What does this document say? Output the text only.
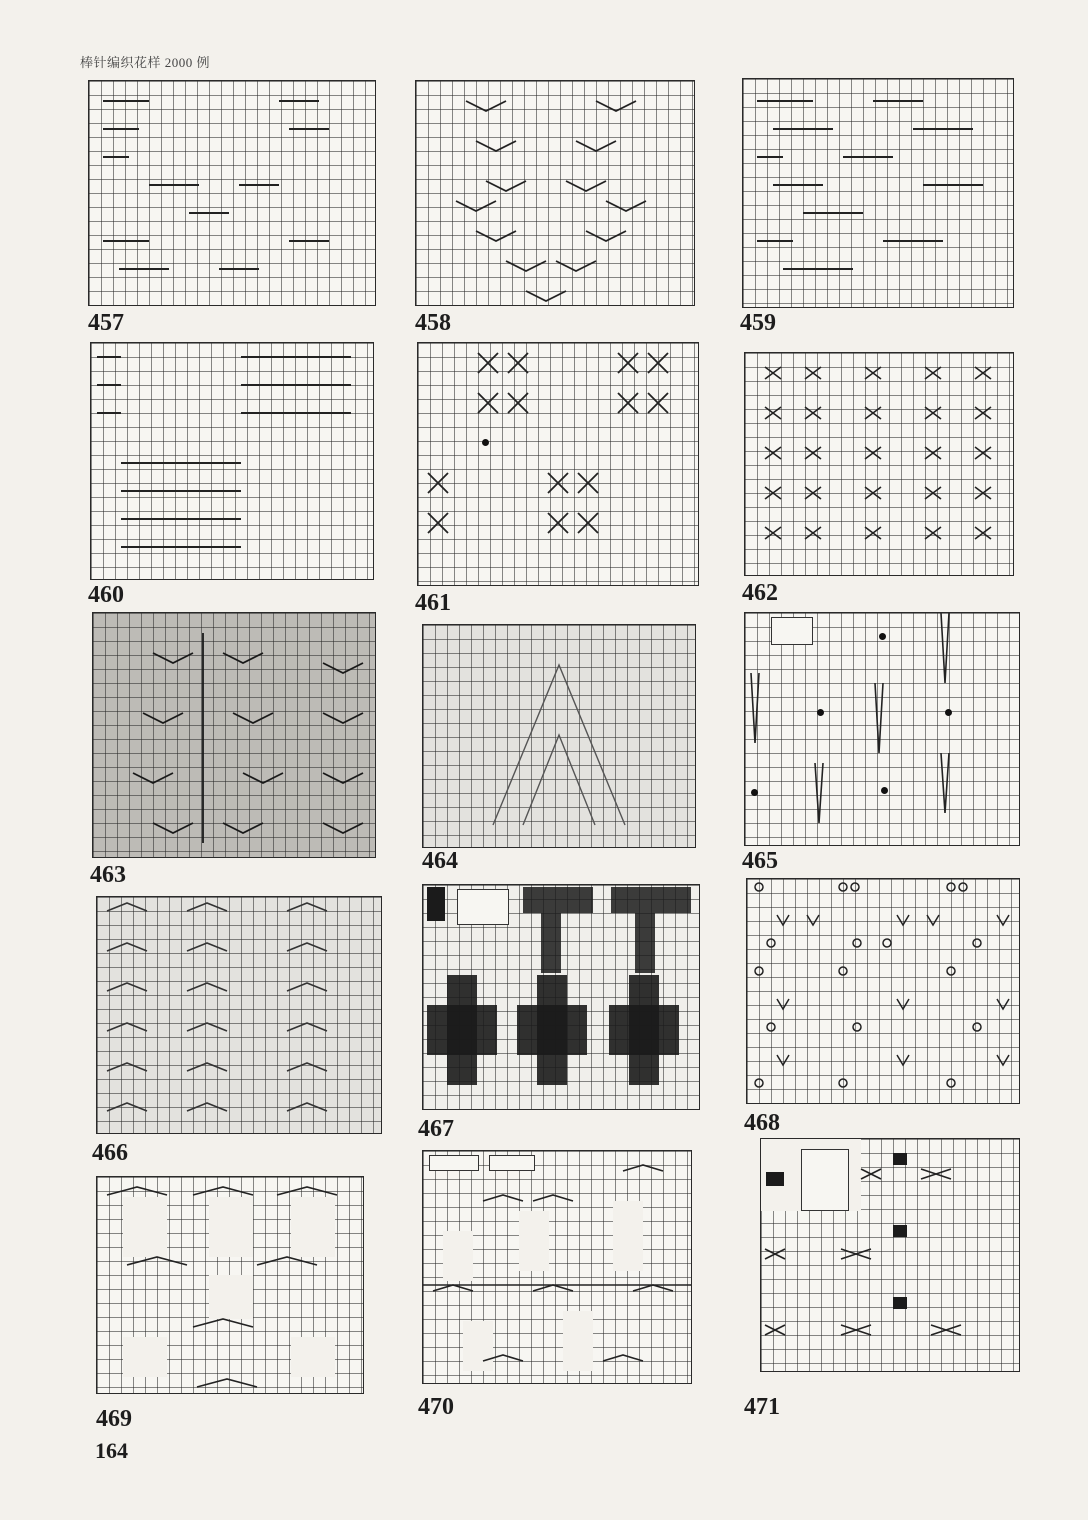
棒针编织花样 2000 例
457	458	459
460	461	462
463
464	465
466
467	468
469	470	471
164
